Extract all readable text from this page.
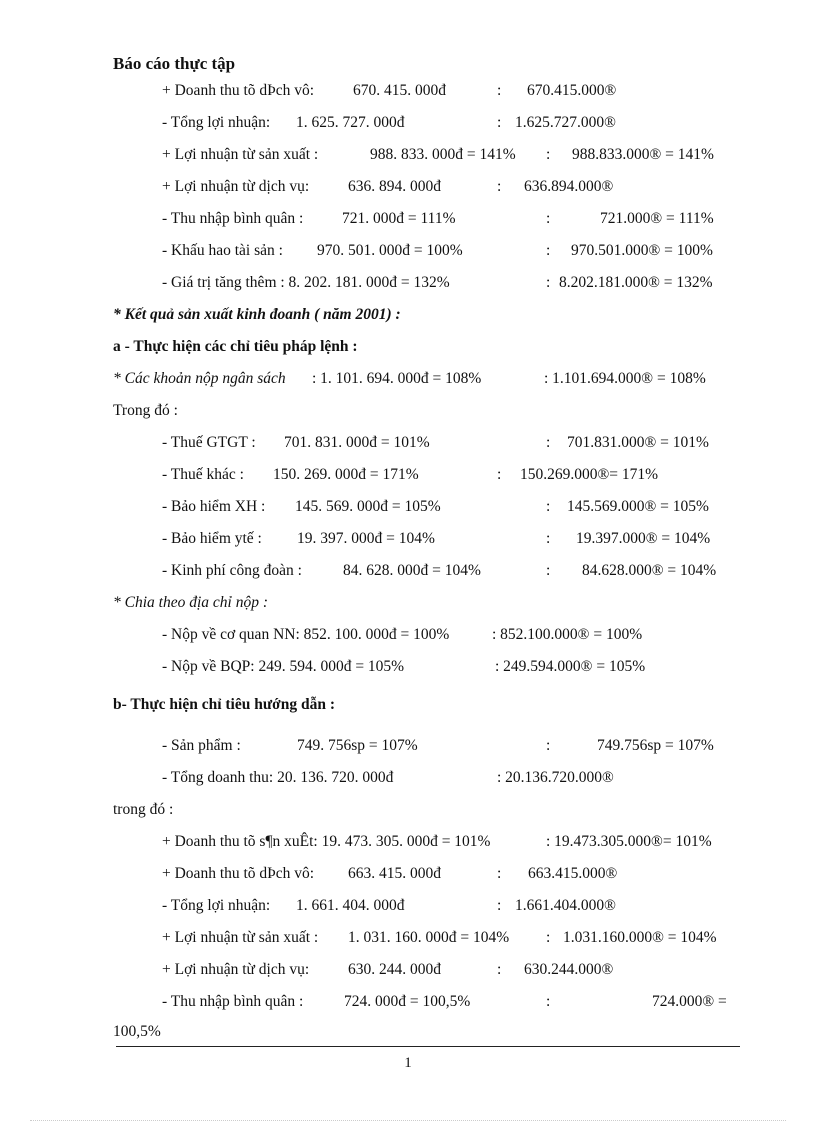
Báo cáo thực tập
+ Doanh thu tõ dÞch vô:	670. 415. 000đ	: 670.415.000®
- Tổng lợi nhuận: 1. 625. 727. 000đ	: 1.625.727.000®
+ Lợi nhuận từ sản xuất :	988. 833. 000đ = 141% : 988.833.000® = 141%
+ Lợi nhuận từ dịch vụ:	636. 894. 000đ	: 636.894.000®
- Thu nhập bình quân : 721. 000đ = 111%	:	721.000® = 111%
- Khấu hao tài sản : 970. 501. 000đ = 100%	: 970.501.000® = 100%
- Giá trị tăng thêm : 8. 202. 181. 000đ = 132%	: 8.202.181.000® = 132%
* Kết quả sản xuất kinh đoanh ( năm 2001) :
a - Thực hiện các chỉ tiêu pháp lệnh :
* Các khoản nộp ngân sách : 1. 101. 694. 000đ = 108%	: 1.101.694.000® = 108%
Trong đó :
- Thuế GTGT : 701. 831. 000đ = 101%	: 701.831.000® = 101%
- Thuế khác : 150. 269. 000đ = 171%	: 150.269.000®= 171%
- Bảo hiểm XH : 145. 569. 000đ = 105%	: 145.569.000® = 105%
- Bảo hiểm ytế : 19. 397. 000đ = 104%	: 19.397.000® = 104%
- Kinh phí công đoàn :	84. 628. 000đ = 104%	: 84.628.000® = 104%
* Chia theo địa chỉ nộp :
- Nộp về cơ quan NN: 852. 100. 000đ = 100%	: 852.100.000® = 100%
- Nộp về BQP: 249. 594. 000đ = 105%	: 249.594.000® = 105%
b- Thực hiện chỉ tiêu hướng dẫn :
- Sản phẩm :	749. 756sp = 107%	:	749.756sp = 107%
- Tổng doanh thu: 20. 136. 720. 000đ	: 20.136.720.000®
trong đó :
+ Doanh thu tõ s¶n xuÊt: 19. 473. 305. 000đ = 101%	: 19.473.305.000®= 101%
+ Doanh thu tõ dÞch vô: 663. 415. 000đ	: 663.415.000®
- Tổng lợi nhuận: 1. 661. 404. 000đ	: 1.661.404.000®
+ Lợi nhuận từ sản xuất : 1. 031. 160. 000đ = 104% : 1.031.160.000® = 104%
+ Lợi nhuận từ dịch vụ:	630. 244. 000đ	: 630.244.000®
- Thu nhập bình quân :	724. 000đ = 100,5%	:	724.000® =
100,5%
1
